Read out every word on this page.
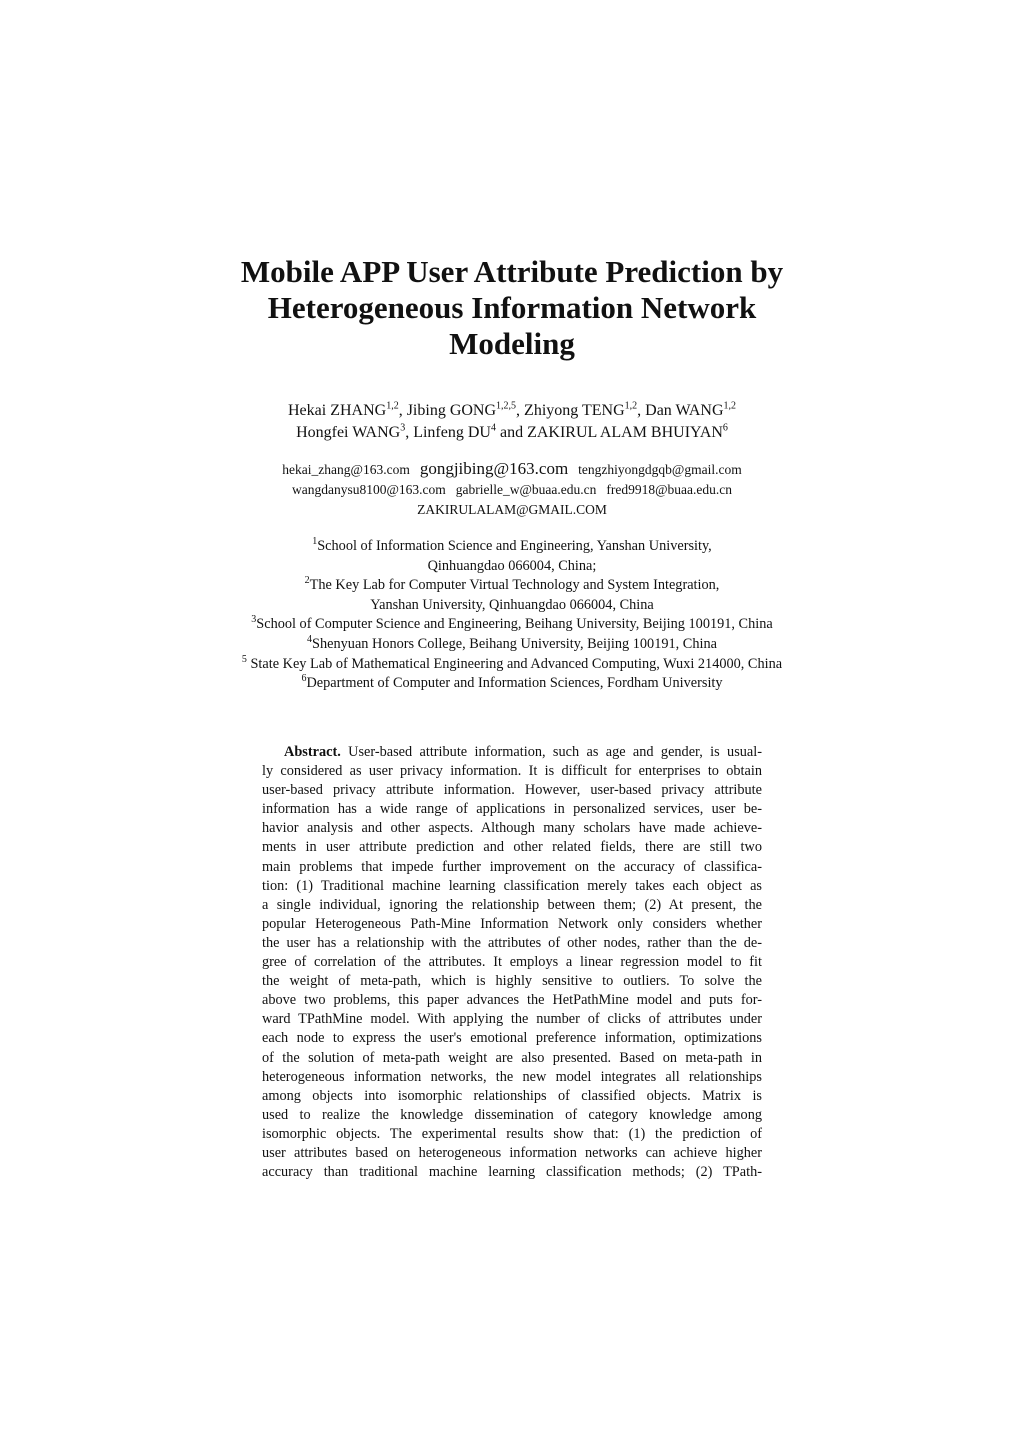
Mobile APP User Attribute Prediction by
Heterogeneous Information Network
Modeling
Hekai ZHANG$^{1,2}$, Jibing GONG$^{1,2,5}$, Zhiyong TENG$^{1,2}$, Dan WANG$^{1,2}$
Hongfei WANG$^3$, Linfeng $DU^4$ and ZAKIRUL ALAM BHUIYAN$^6$
hekai_zhang@163.com gongjibing@163.com tengzhiyongdgqb@gmail.com
wangdanysu8100@163.com gabrielle_w@buaa.edu.cn fred9918@buaa.edu.cn
ZAKIRULALAM@GMAIL.COM
$^1$School of Information Science and Engineering, Yanshan University,
Qinhuangdao 066004, China;
$^2$The Key Lab for Computer Virtual Technology and System Integration,
Yanshan University, Qinhuangdao 066004, China
$^3$School of Computer Science and Engineering, Beihang University, Beijing 100191, China
$^4$Shenyuan Honors College, Beihang University, Beijing 100191, China
$^5$ State Key Lab of Mathematical Engineering and Advanced Computing, Wuxi 214000, China
$^6$Department of Computer and Information Sciences, Fordham University
Abstract. User-based attribute information, such as age and gender, is usual-
ly considered as user privacy information. It is difficult for enterprises to obtain
user-based privacy attribute information. However, user-based privacy attribute
information has a wide range of applications in personalized services, user be-
havior analysis and other aspects. Although many scholars have made achieve-
ments in user attribute prediction and other related fields, there are still two
main problems that impede further improvement on the accuracy of classifica-
tion: (1) Traditional machine learning classification merely takes each object as
a single individual, ignoring the relationship between them; (2) At present, the
popular Heterogeneous Path-Mine Information Network only considers whether
the user has a relationship with the attributes of other nodes, rather than the de-
gree of correlation of the attributes. It employs a linear regression model to fit
the weight of meta-path, which is highly sensitive to outliers. To solve the
above two problems, this paper advances the HetPathMine model and puts for-
ward TPathMine model. With applying the number of clicks of attributes under
each node to express the user's emotional preference information, optimizations
of the solution of meta-path weight are also presented. Based on meta-path in
heterogeneous information networks, the new model integrates all relationships
among objects into isomorphic relationships of classified objects. Matrix is
used to realize the knowledge dissemination of category knowledge among
isomorphic objects. The experimental results show that: (1) the prediction of
user attributes based on heterogeneous information networks can achieve higher
accuracy than traditional machine learning classification methods; (2) TPath-
